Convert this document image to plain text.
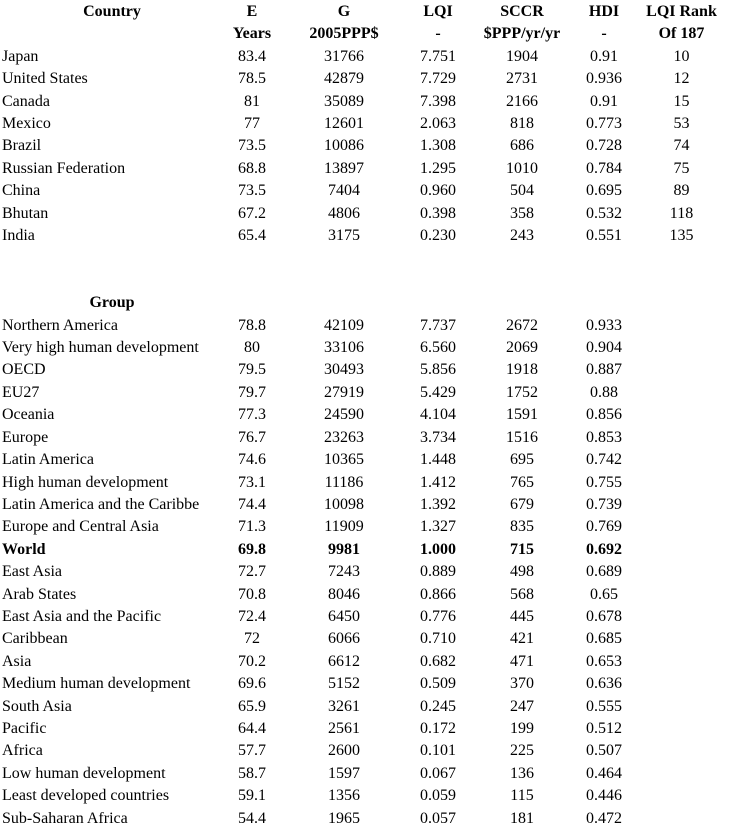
Country	E	G	LQI	SCCR	HDI	LQI Rank
	Years	2005PPP$	-	$PPP/yr/yr	-	Of 187
Japan	83.4	31766	7.751	1904	0.91	10
United States	78.5	42879	7.729	2731	0.936	12
Canada	81	35089	7.398	2166	0.91	15
Mexico	77	12601	2.063	818	0.773	53
Brazil	73.5	10086	1.308	686	0.728	74
Russian Federation	68.8	13897	1.295	1010	0.784	75
China	73.5	7404	0.960	504	0.695	89
Bhutan	67.2	4806	0.398	358	0.532	118
India	65.4	3175	0.230	243	0.551	135

Group						
Northern America	78.8	42109	7.737	2672	0.933	
Very high human development	80	33106	6.560	2069	0.904	
OECD	79.5	30493	5.856	1918	0.887	
EU27	79.7	27919	5.429	1752	0.88	
Oceania	77.3	24590	4.104	1591	0.856	
Europe	76.7	23263	3.734	1516	0.853	
Latin America	74.6	10365	1.448	695	0.742	
High human development	73.1	11186	1.412	765	0.755	
Latin America and the Caribbe	74.4	10098	1.392	679	0.739	
Europe and Central Asia	71.3	11909	1.327	835	0.769	
World	69.8	9981	1.000	715	0.692	
East Asia	72.7	7243	0.889	498	0.689	
Arab States	70.8	8046	0.866	568	0.65	
East Asia and the Pacific	72.4	6450	0.776	445	0.678	
Caribbean	72	6066	0.710	421	0.685	
Asia	70.2	6612	0.682	471	0.653	
Medium human development	69.6	5152	0.509	370	0.636	
South Asia	65.9	3261	0.245	247	0.555	
Pacific	64.4	2561	0.172	199	0.512	
Africa	57.7	2600	0.101	225	0.507	
Low human development	58.7	1597	0.067	136	0.464	
Least developed countries	59.1	1356	0.059	115	0.446	
Sub-Saharan Africa	54.4	1965	0.057	181	0.472	
